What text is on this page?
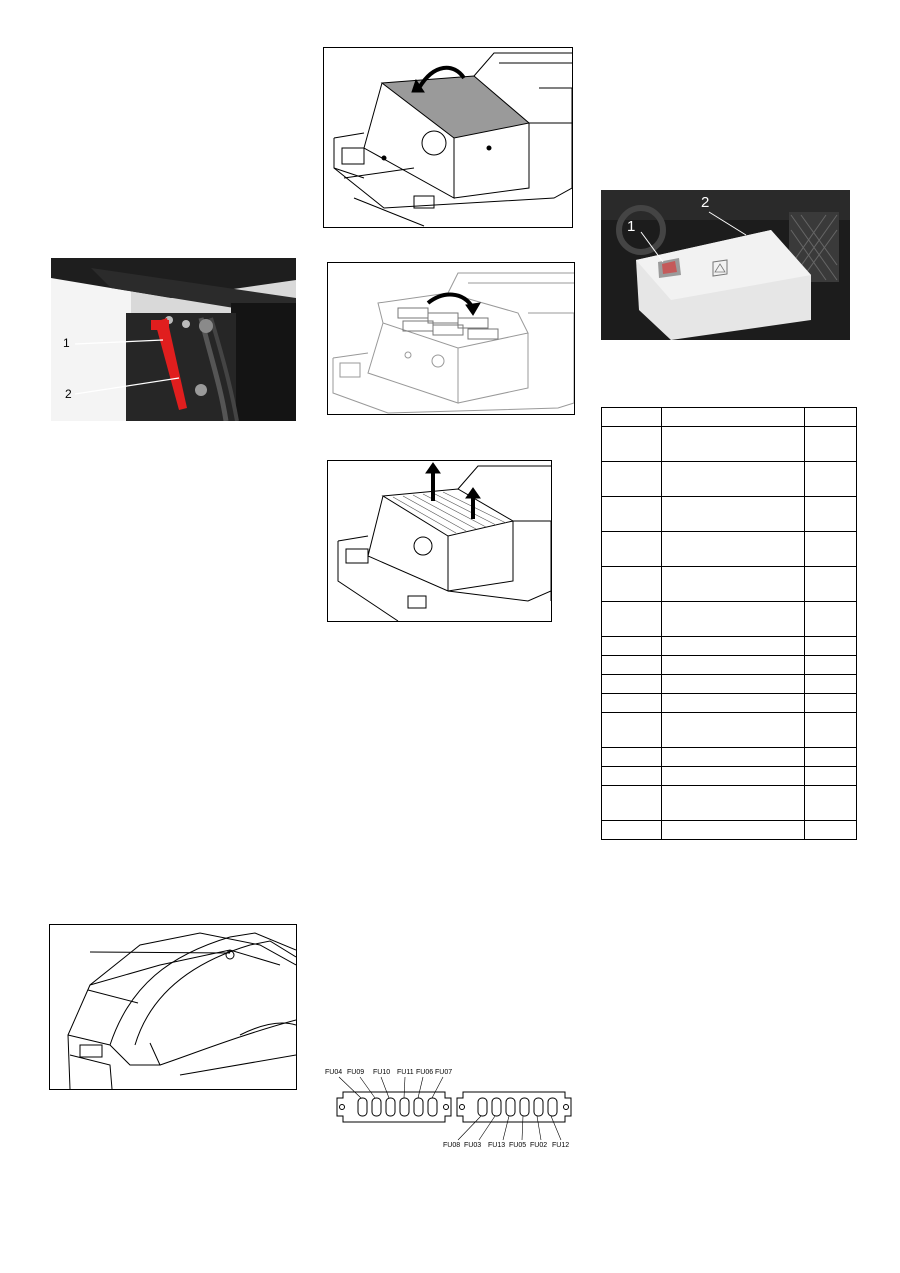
1
2
FU04 FU09 FU10 FU11 FU06 FU07
FU08 FU03 FU13 FU05 FU02 FU12
1
2
